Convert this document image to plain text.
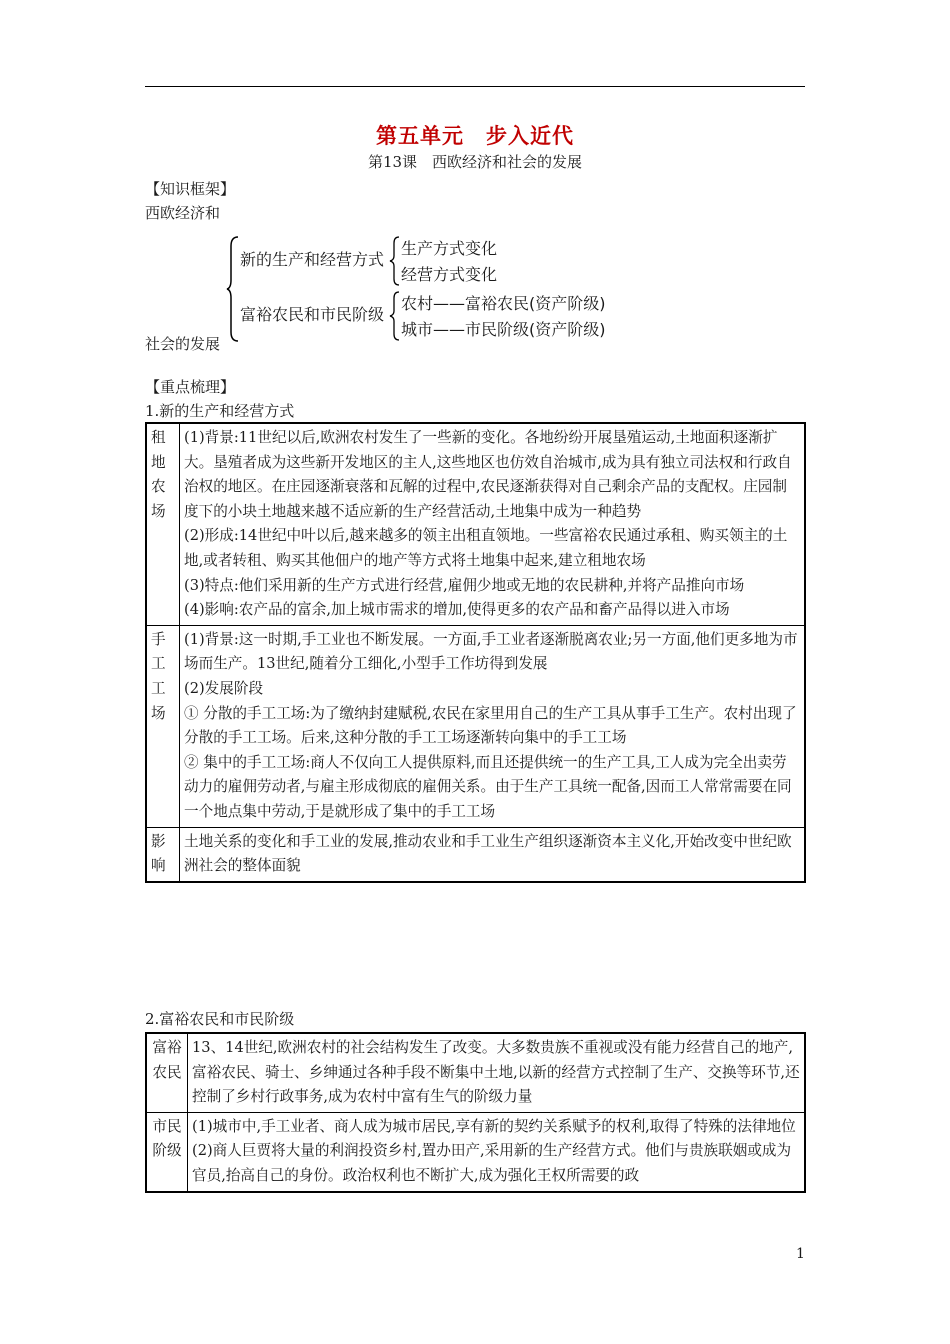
第五单元　步入近代
第13课　西欧经济和社会的发展
【知识框架】
西欧经济和
社会的发展
新的生产和经营方式
生产方式变化
经营方式变化
富裕农民和市民阶级
农村——富裕农民(资产阶级)
城市——市民阶级(资产阶级)
【重点梳理】
1.新的生产和经营方式
租地农场	(1)背景:11世纪以后,欧洲农村发生了一些新的变化。各地纷纷开展垦殖运动,土地面积逐渐扩大。垦殖者成为这些新开发地区的主人,这些地区也仿效自治城市,成为具有独立司法权和行政自治权的地区。在庄园逐渐衰落和瓦解的过程中,农民逐渐获得对自己剩余产品的支配权。庄园制度下的小块土地越来越不适应新的生产经营活动,土地集中成为一种趋势
(2)形成:14世纪中叶以后,越来越多的领主出租直领地。一些富裕农民通过承租、购买领主的土地,或者转租、购买其他佃户的地产等方式将土地集中起来,建立租地农场
(3)特点:他们采用新的生产方式进行经营,雇佣少地或无地的农民耕种,并将产品推向市场
(4)影响:农产品的富余,加上城市需求的增加,使得更多的农产品和畜产品得以进入市场

手工工场	(1)背景:这一时期,手工业也不断发展。一方面,手工业者逐渐脱离农业;另一方面,他们更多地为市场而生产。13世纪,随着分工细化,小型手工作坊得到发展
(2)发展阶段
① 分散的手工工场:为了缴纳封建赋税,农民在家里用自己的生产工具从事手工生产。农村出现了分散的手工工场。后来,这种分散的手工工场逐渐转向集中的手工工场
② 集中的手工工场:商人不仅向工人提供原料,而且还提供统一的生产工具,工人成为完全出卖劳动力的雇佣劳动者,与雇主形成彻底的雇佣关系。由于生产工具统一配备,因而工人常常需要在同一个地点集中劳动,于是就形成了集中的手工工场

影响	土地关系的变化和手工业的发展,推动农业和手工业生产组织逐渐资本主义化,开始改变中世纪欧洲社会的整体面貌
2.富裕农民和市民阶级
富裕农民	13、14世纪,欧洲农村的社会结构发生了改变。大多数贵族不重视或没有能力经营自己的地产,富裕农民、骑士、乡绅通过各种手段不断集中土地,以新的经营方式控制了生产、交换等环节,还控制了乡村行政事务,成为农村中富有生气的阶级力量

市民阶级	(1)城市中,手工业者、商人成为城市居民,享有新的契约关系赋予的权利,取得了特殊的法律地位
(2)商人巨贾将大量的利润投资乡村,置办田产,采用新的生产经营方式。他们与贵族联姻或成为官员,抬高自己的身份。政治权利也不断扩大,成为强化王权所需要的政
1
